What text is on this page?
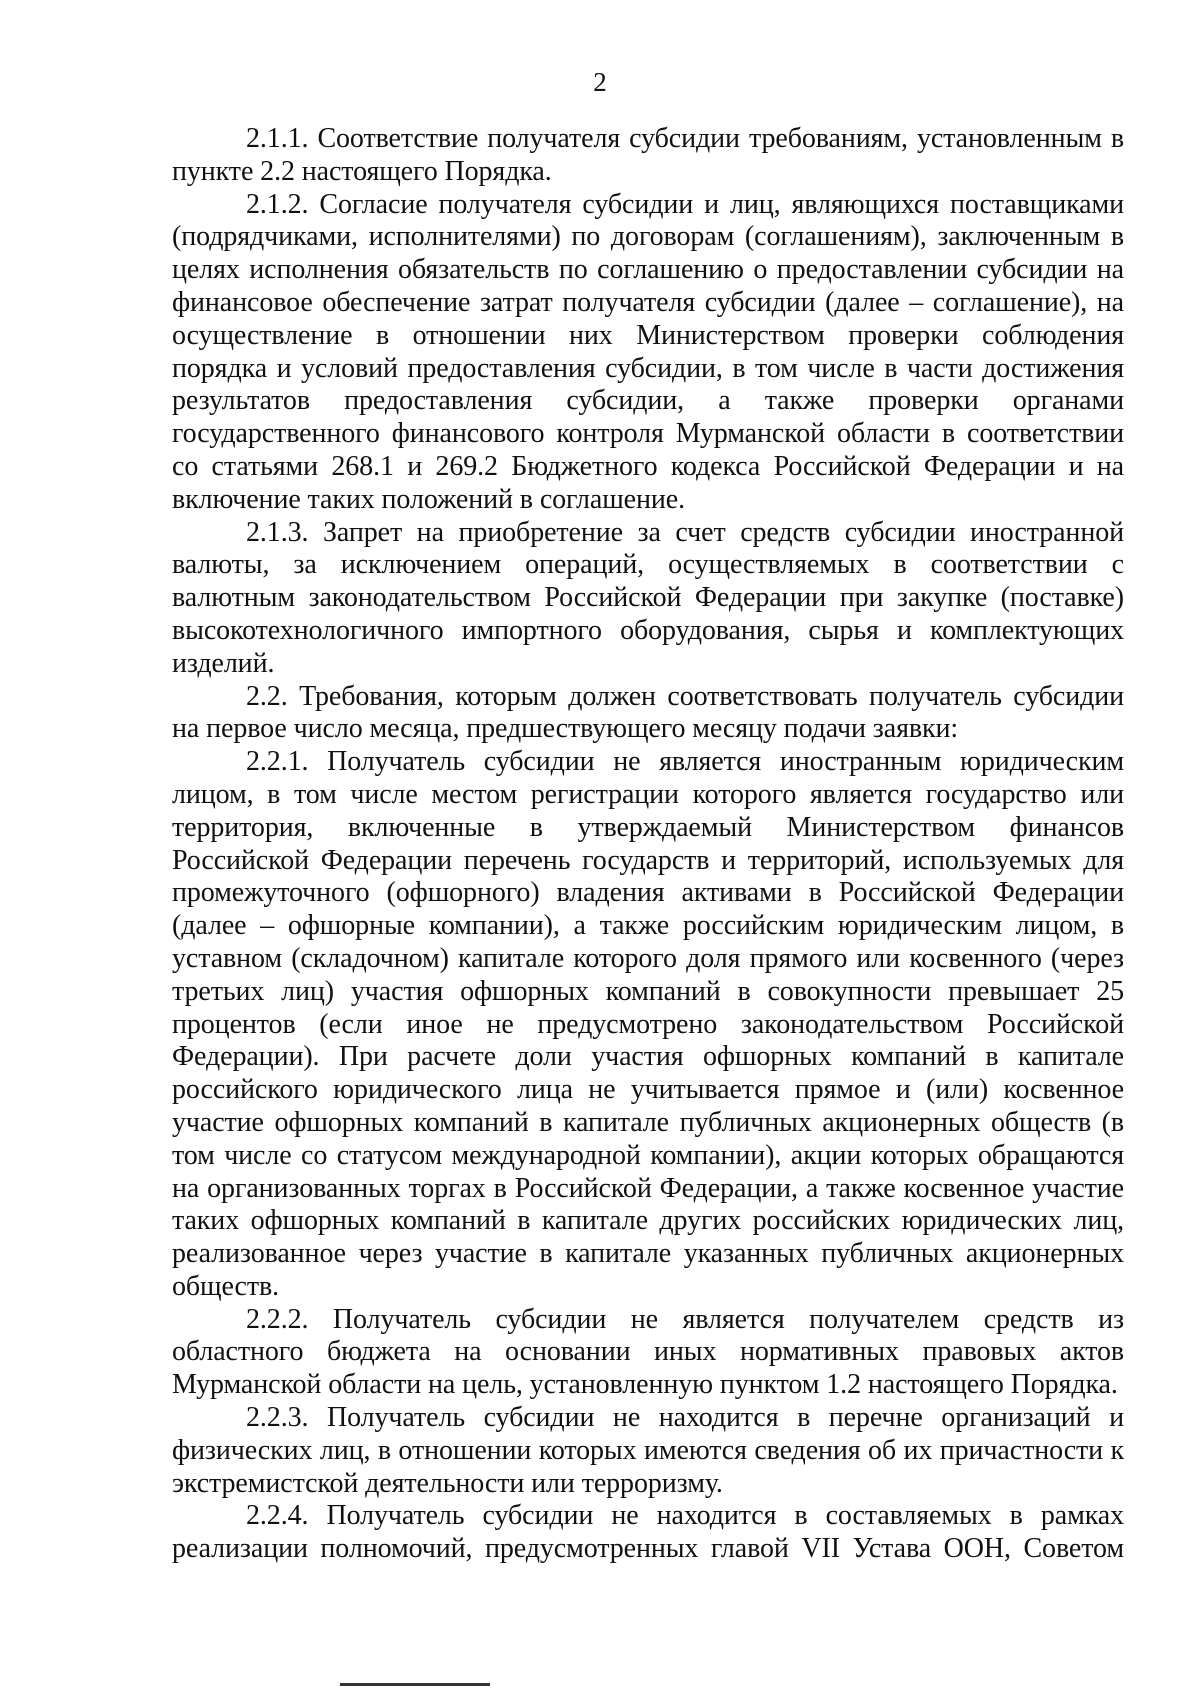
2

2.1.1. Соответствие получателя субсидии требованиям, установленным в пункте 2.2 настоящего Порядка.

2.1.2. Согласие получателя субсидии и лиц, являющихся поставщиками (подрядчиками, исполнителями) по договорам (соглашениям), заключенным в целях исполнения обязательств по соглашению о предоставлении субсидии на финансовое обеспечение затрат получателя субсидии (далее – соглашение), на осуществление в отношении них Министерством проверки соблюдения порядка и условий предоставления субсидии, в том числе в части достижения результатов предоставления субсидии, а также проверки органами государственного финансового контроля Мурманской области в соответствии со статьями 268.1 и 269.2 Бюджетного кодекса Российской Федерации и на включение таких положений в соглашение.

2.1.3. Запрет на приобретение за счет средств субсидии иностранной валюты, за исключением операций, осуществляемых в соответствии с валютным законодательством Российской Федерации при закупке (поставке) высокотехнологичного импортного оборудования, сырья и комплектующих изделий.

2.2. Требования, которым должен соответствовать получатель субсидии на первое число месяца, предшествующего месяцу подачи заявки:

2.2.1. Получатель субсидии не является иностранным юридическим лицом, в том числе местом регистрации которого является государство или территория, включенные в утверждаемый Министерством финансов Российской Федерации перечень государств и территорий, используемых для промежуточного (офшорного) владения активами в Российской Федерации (далее – офшорные компании), а также российским юридическим лицом, в уставном (складочном) капитале которого доля прямого или косвенного (через третьих лиц) участия офшорных компаний в совокупности превышает 25 процентов (если иное не предусмотрено законодательством Российской Федерации). При расчете доли участия офшорных компаний в капитале российского юридического лица не учитывается прямое и (или) косвенное участие офшорных компаний в капитале публичных акционерных обществ (в том числе со статусом международной компании), акции которых обращаются на организованных торгах в Российской Федерации, а также косвенное участие таких офшорных компаний в капитале других российских юридических лиц, реализованное через участие в капитале указанных публичных акционерных обществ.

2.2.2. Получатель субсидии не является получателем средств из областного бюджета на основании иных нормативных правовых актов Мурманской области на цель, установленную пунктом 1.2 настоящего Порядка.

2.2.3. Получатель субсидии не находится в перечне организаций и физических лиц, в отношении которых имеются сведения об их причастности к экстремистской деятельности или терроризму.

2.2.4. Получатель субсидии не находится в составляемых в рамках реализации полномочий, предусмотренных главой VII Устава ООН, Советом
